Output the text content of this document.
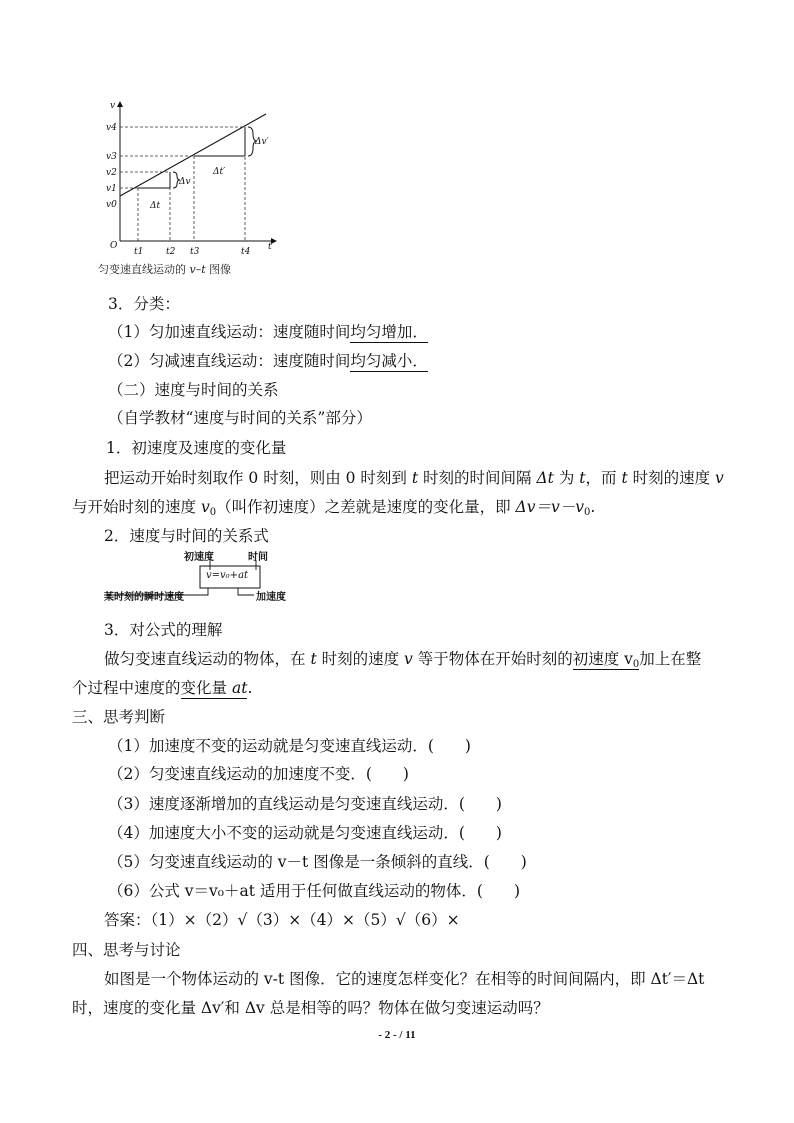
v
v4
v3
v2
v1
v0
O
t1	t2 t3	t4 t
Δv
Δt
Δv′
Δt′
匀变速直线运动的 v–t 图像
3．分类：
（1）匀加速直线运动：速度随时间均匀增加．
（2）匀减速直线运动：速度随时间均匀减小．
（二）速度与时间的关系
（自学教材“速度与时间的关系”部分）
1．初速度及速度的变化量
把运动开始时刻取作 0 时刻，则由 0 时刻到 t 时刻的时间间隔 Δt 为 t，而 t 时刻的速度 v
与开始时刻的速度 $v_0$（叫作初速度）之差就是速度的变化量，即 $\Delta v=v-v_0$.
2．速度与时间的关系式
初速度	时间
v=v₀+at
某时刻的瞬时速度	加速度
3．对公式的理解
做匀变速直线运动的物体，在 t 时刻的速度 v 等于物体在开始时刻的初速度 $v_0$加上在整
个过程中速度的变化量 at.
三、思考判断
（1）加速度不变的运动就是匀变速直线运动．(　　)
（2）匀变速直线运动的加速度不变．(　　)
（3）速度逐渐增加的直线运动是匀变速直线运动．(　　)
（4）加速度大小不变的运动就是匀变速直线运动．(　　)
（5）匀变速直线运动的 v－t 图像是一条倾斜的直线．(　　)
（6）公式 v＝v₀＋at 适用于任何做直线运动的物体．(　　)
答案：（1）×（2）√（3）×（4）×（5）√（6）×
四、思考与讨论
如图是一个物体运动的 v-t 图像．它的速度怎样变化？在相等的时间间隔内，即 Δt′＝Δt
时，速度的变化量 Δv′和 Δv 总是相等的吗？物体在做匀变速运动吗？
- 2 - / 11
